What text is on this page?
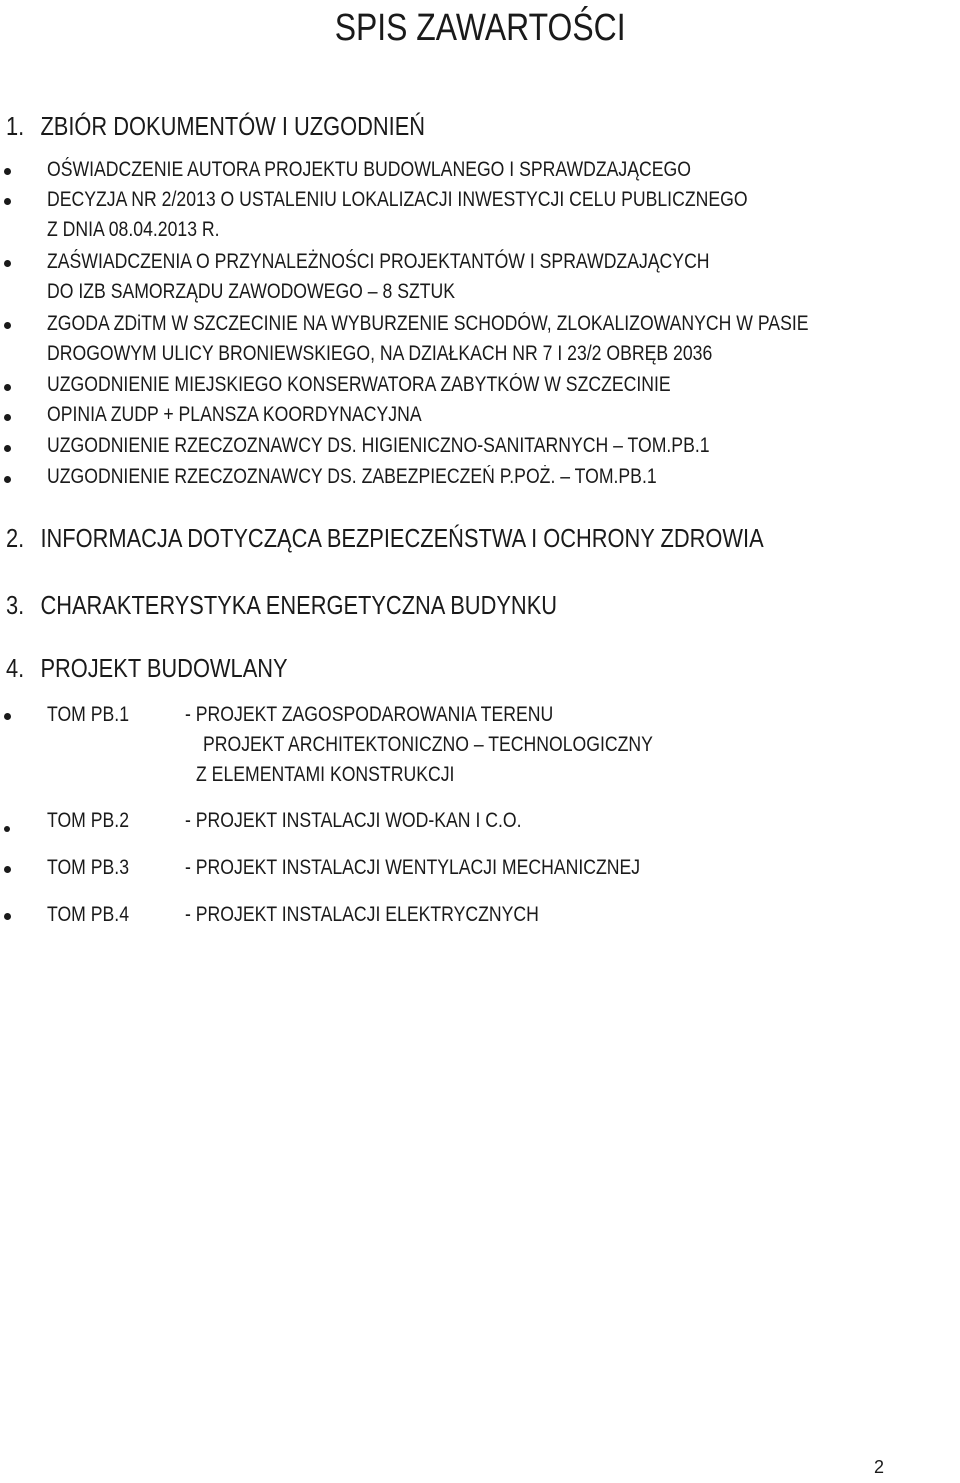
SPIS ZAWARTOŚCI
1. ZBIÓR DOKUMENTÓW I UZGODNIEŃ
OŚWIADCZENIE AUTORA PROJEKTU BUDOWLANEGO I SPRAWDZAJĄCEGO
DECYZJA NR 2/2013 O USTALENIU LOKALIZACJI INWESTYCJI CELU PUBLICZNEGO
Z DNIA 08.04.2013 R.
ZAŚWIADCZENIA O PRZYNALEŻNOŚCI PROJEKTANTÓW I SPRAWDZAJĄCYCH
DO IZB SAMORZĄDU ZAWODOWEGO – 8 SZTUK
ZGODA ZDiTM W SZCZECINIE NA WYBURZENIE SCHODÓW, ZLOKALIZOWANYCH W PASIE
DROGOWYM ULICY BRONIEWSKIEGO, NA DZIAŁKACH NR 7 I 23/2 OBRĘB 2036
UZGODNIENIE MIEJSKIEGO KONSERWATORA ZABYTKÓW W SZCZECINIE
OPINIA ZUDP + PLANSZA KOORDYNACYJNA
UZGODNIENIE RZECZOZNAWCY DS. HIGIENICZNO-SANITARNYCH – TOM.PB.1
UZGODNIENIE RZECZOZNAWCY DS. ZABEZPIECZEŃ P.POŻ. – TOM.PB.1
2. INFORMACJA DOTYCZĄCA BEZPIECZEŃSTWA I OCHRONY ZDROWIA
3. CHARAKTERYSTYKA ENERGETYCZNA BUDYNKU
4. PROJEKT BUDOWLANY
TOM PB.1	- PROJEKT ZAGOSPODAROWANIA TERENU
PROJEKT ARCHITEKTONICZNO – TECHNOLOGICZNY
Z ELEMENTAMI KONSTRUKCJI
TOM PB.2	- PROJEKT INSTALACJI WOD-KAN I C.O.
TOM PB.3	- PROJEKT INSTALACJI WENTYLACJI MECHANICZNEJ
TOM PB.4	- PROJEKT INSTALACJI ELEKTRYCZNYCH
2
